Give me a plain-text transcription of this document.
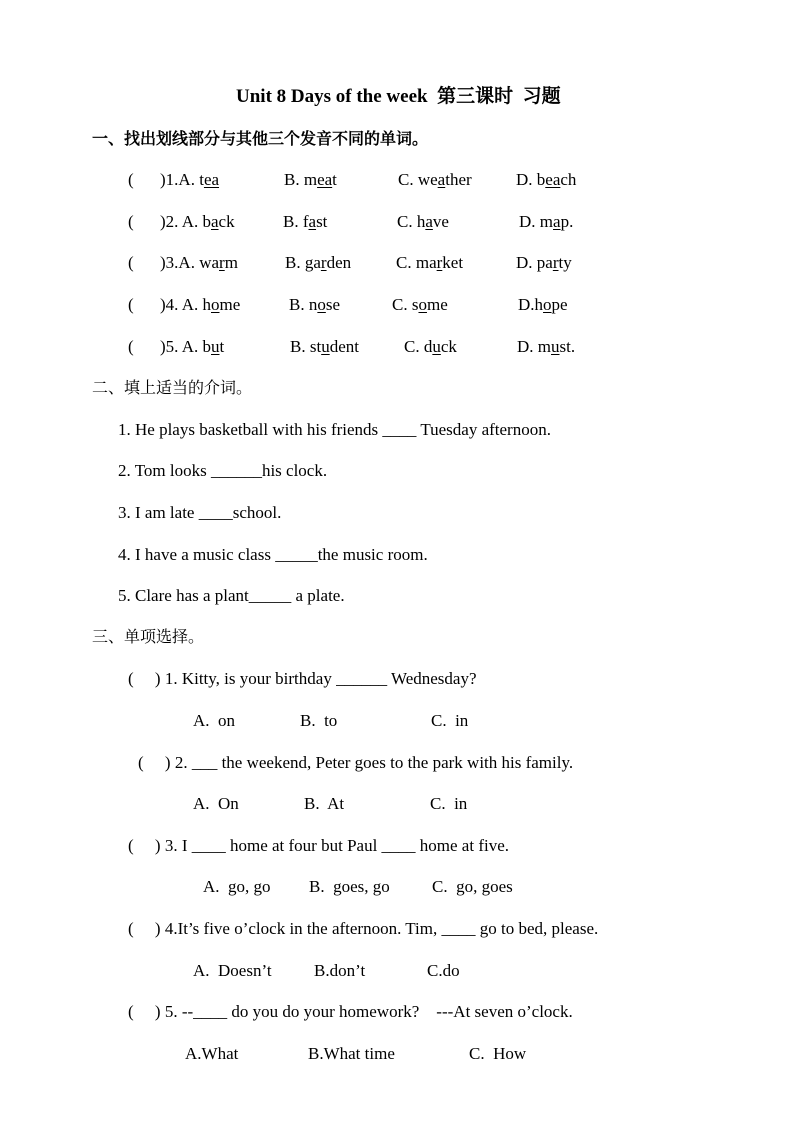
Unit 8 Days of the week  第三课时  习题
一、找出划线部分与其他三个发音不同的单词。
( )1.A. tea	B. meat	C. weather	D. beach
( )2. A. back	B. fast	C. have	D. map.
( )3.A. warm	B. garden	C. market	D. party
( )4. A. home	B. nose	C. some	D.hope
( )5. A. but	B. student	C. duck	D. must.
二、填上适当的介词。
1. He plays basketball with his friends ____ Tuesday afternoon.
2. Tom looks ______his clock.
3. I am late ____school.
4. I have a music class _____the music room.
5. Clare has a plant_____ a plate.
三、单项选择。
(     ) 1. Kitty, is your birthday ______ Wednesday?
A.  on	B.  to	C.  in
(     ) 2. ___ the weekend, Peter goes to the park with his family.
A.  On	B.  At	C.  in
(     ) 3. I ____ home at four but Paul ____ home at five.
A.  go, go B.  goes, go C.  go, goes
(     ) 4.It’s five o’clock in the afternoon. Tim, ____ go to bed, please.
A.  Doesn’t B.don’t	C.do
(     ) 5. --____ do you do your homework?    ---At seven o’clock.
A.What	B.What time	C.  How
